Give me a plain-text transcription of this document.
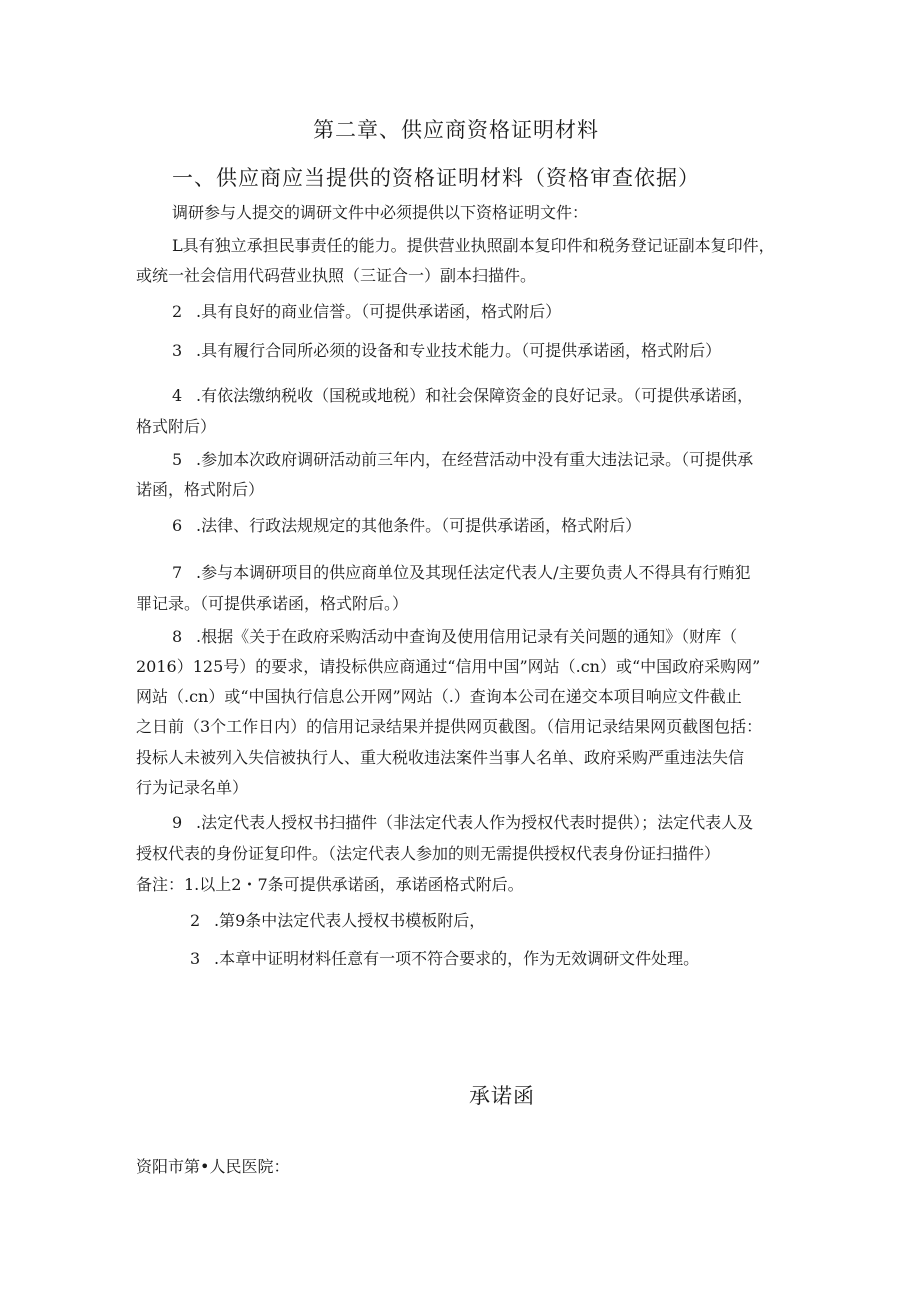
第二章、供应商资格证明材料
一、供应商应当提供的资格证明材料（资格审查依据）
调研参与人提交的调研文件中必须提供以下资格证明文件：
L具有独立承担民事责任的能力。提供营业执照副本复印件和税务登记证副本复印件，
或统一社会信用代码营业执照（三证合一）副本扫描件。
2 .具有良好的商业信誉。（可提供承诺函，格式附后）
3 .具有履行合同所必须的设备和专业技术能力。（可提供承诺函，格式附后）
4 .有依法缴纳税收（国税或地税）和社会保障资金的良好记录。（可提供承诺函，
格式附后）
5 .参加本次政府调研活动前三年内，在经营活动中没有重大违法记录。（可提供承
诺函，格式附后）
6 .法律、行政法规规定的其他条件。（可提供承诺函，格式附后）
7 .参与本调研项目的供应商单位及其现任法定代表人/主要负责人不得具有行贿犯
罪记录。（可提供承诺函，格式附后。）
8 .根据《关于在政府采购活动中查询及使用信用记录有关问题的通知》（财库（
2016）125号）的要求，请投标供应商通过“信用中国”网站（.cn）或“中国政府采购网”
网站（.cn）或“中国执行信息公开网”网站（.）查询本公司在递交本项目响应文件截止
之日前（3个工作日内）的信用记录结果并提供网页截图。（信用记录结果网页截图包括：
投标人未被列入失信被执行人、重大税收违法案件当事人名单、政府采购严重违法失信
行为记录名单）
9 .法定代表人授权书扫描件（非法定代表人作为授权代表时提供）；法定代表人及
授权代表的身份证复印件。（法定代表人参加的则无需提供授权代表身份证扫描件）
备注：1.以上2・7条可提供承诺函，承诺函格式附后。
2 .第9条中法定代表人授权书模板附后，
3 .本章中证明材料任意有一项不符合要求的，作为无效调研文件处理。
承诺函
资阳市第•人民医院：
